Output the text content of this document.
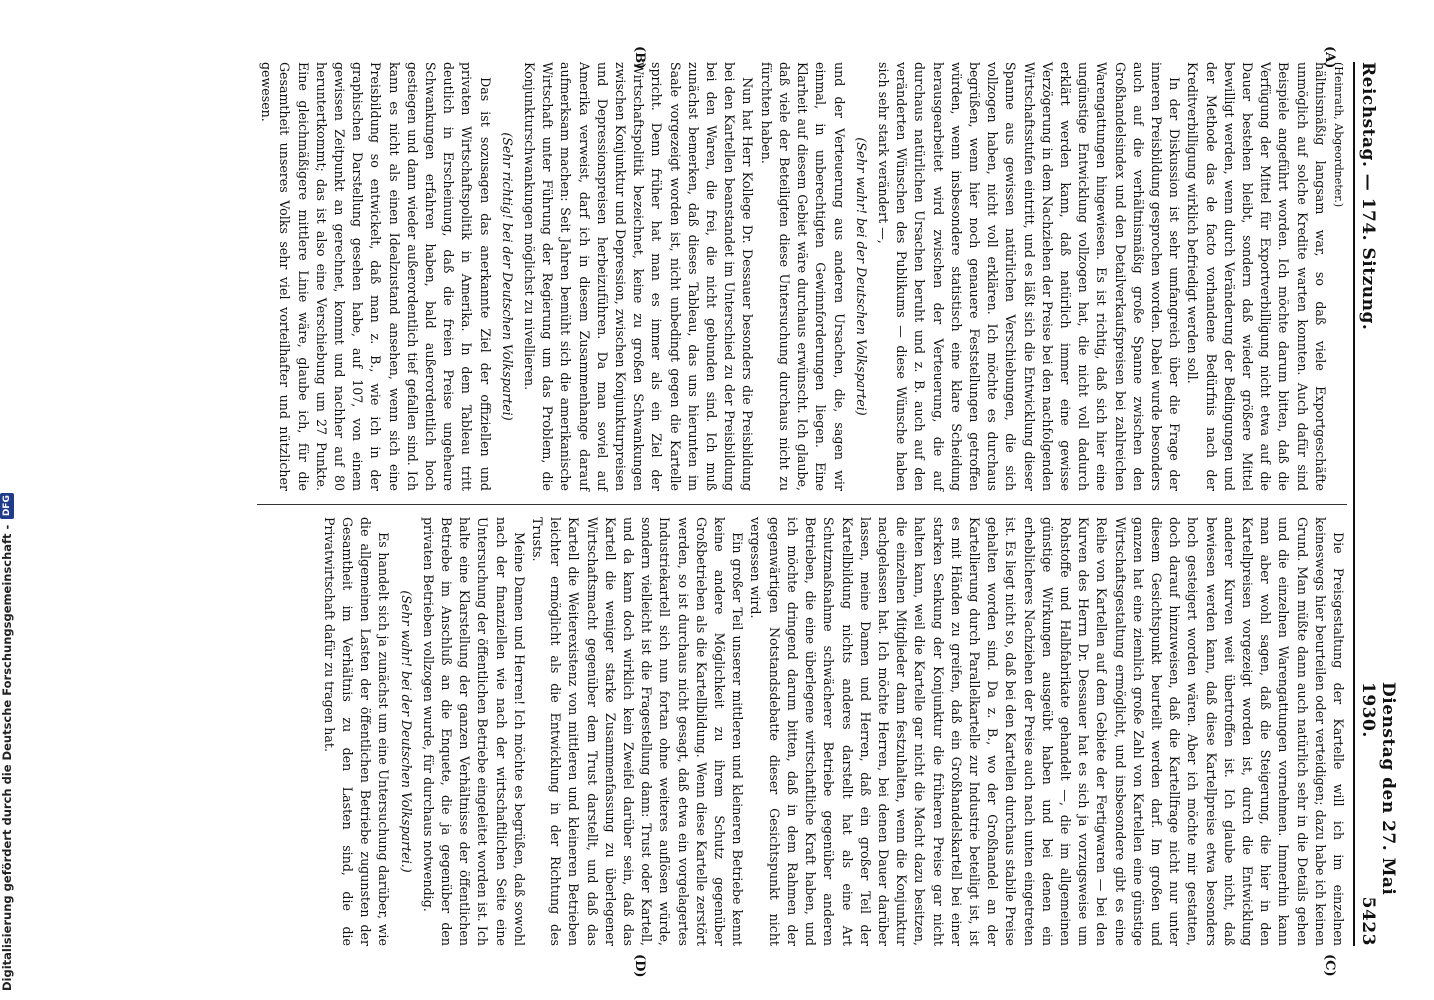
Reichstag. — 174. Sitzung.
Dienstag den 27. Mai 1930.
5423

(Heinrath, Abgeordneter.)

hältnismäßig langsam war, so daß viele Exportgeschäfte unmöglich auf solche Kredite warten konnten. Auch dafür sind Beispiele angeführt worden. Ich möchte darum bitten, daß die Verfügung der Mittel für Exportverbilligung nicht etwa auf die Dauer bestehen bleibt, sondern daß wieder größere Mittel bewilligt werden, wenn durch Veränderung der Bedingungen und der Methode das de facto vorhandene Bedürfnis nach der Kreditverbilligung wirklich befriedigt werden soll.

In der Diskussion ist sehr umfangreich über die Frage der inneren Preisbildung gesprochen worden. Dabei wurde besonders auch auf die verhältnismäßig große Spanne zwischen den Großhandelsindex und den Detailverkaufspreisen bei zahlreichen Warengattungen hingewiesen. Es ist richtig, daß sich hier eine ungünstige Entwicklung vollzogen hat, die nicht voll dadurch erklärt werden kann, daß natürlich immer eine gewisse Verzögerung in dem Nachziehen der Preise bei den nachfolgenden Wirtschaftsstufen eintritt, und es läßt sich die Entwicklung dieser Spanne aus gewissen natürlichen Verschiebungen, die sich vollzogen haben, nicht voll erklären. Ich möchte es durchaus begrüßen, wenn hier noch genauere Feststellungen getroffen würden, wenn insbesondere statistisch eine klare Scheidung herausgearbeitet wird zwischen der Verteuerung, die auf durchaus natürlichen Ursachen beruht und z. B. auch auf den veränderten Wünschen des Publikums — diese Wünsche haben sich sehr stark verändert —,

(Sehr wahr! bei der Deutschen Volkspartei)

und der Verteuerung aus anderen Ursachen, die, sagen wir einmal, in unberechtigten Gewinnforderungen liegen. Eine Klarheit auf diesem Gebiet wäre durchaus erwünscht. Ich glaube, daß viele der Beteiligten diese Untersuchung durchaus nicht zu fürchten haben.

Nun hat Herr Kollege Dr. Dessauer besonders die Preisbildung bei den Kartellen beanstandet im Unterschied zu der Preisbildung bei den Waren, die frei, die nicht gebunden sind. Ich muß zunächst bemerken, daß dieses Tableau, das uns hierunten im Saale vorgezeigt worden ist, nicht unbedingt gegen die Kartelle spricht. Denn früher hat man es immer als ein Ziel der Wirtschaftspolitik bezeichnet, keine zu großen Schwankungen zwischen Konjunktur und Depression, zwischen Konjunkturpreisen und Depressionspreisen herbeizuführen. Da man soviel auf Amerika verweist, darf ich in diesem Zusammenhange darauf aufmerksam machen: Seit Jahren bemüht sich die amerikanische Wirtschaft unter Führung der Regierung um das Problem, die Konjunkturschwankungen möglichst zu nivellieren.

(Sehr richtig! bei der Deutschen Volkspartei)

Das ist sozusagen das anerkannte Ziel der offiziellen und privaten Wirtschaftspolitik in Amerika. In dem Tableau tritt deutlich in Erscheinung, daß die freien Preise ungeheure Schwankungen erfahren haben, bald außerordentlich hoch gestiegen und dann wieder außerordentlich tief gefallen sind. Ich kann es nicht als einen Idealzustand ansehen, wenn sich eine Preisbildung so entwickelt, daß man z. B., wie ich in der graphischen Darstellung gesehen habe, auf 107, von einem gewissen Zeitpunkt an gerechnet, kommt und nachher auf 80 heruntertkommt; das ist also eine Verschiebung um 27 Punkte. Eine gleichmäßigere mittlere Linie wäre, glaube ich, für die Gesamtheit unseres Volks sehr viel vorteilhafter und nützlicher gewesen.

Die Preisgestaltung der Kartelle will ich im einzelnen keineswegs hier beurteilen oder verteidigen; dazu habe ich keinen Grund. Man müßte dann auch natürlich sehr in die Details gehen und die einzelnen Warengattungen vornehmen. Immerhin kann man aber wohl sagen, daß die Steigerung, die hier in den Kartellpreisen vorgezeigt worden ist, durch die Entwicklung anderer Kurven weit übertroffen ist. Ich glaube nicht, daß bewiesen werden kann, daß diese Kartellpreise etwa besonders hoch gesteigert worden wären. Aber ich möchte mir gestatten, doch darauf hinzuweisen, daß die Kartellfrage nicht nur unter diesem Gesichtspunkt beurteilt werden darf. Im großen und ganzen hat eine ziemlich große Zahl von Kartellen eine günstige Wirtschaftsgestaltung ermöglicht, und insbesondere gibt es eine Reihe von Kartellen auf dem Gebiete der Fertigwaren — bei den Kurven des Herrn Dr. Dessauer hat es sich ja vorzugsweise um Rohstoffe und Halbfabrikate gehandelt —, die im allgemeinen günstige Wirkungen ausgeübt haben und bei denen ein erheblicheres Nachziehen der Preise auch nach unten eingetreten ist. Es liegt nicht so, daß bei den Kartellen durchaus stabile Preise gehalten worden sind. Da z. B., wo der Großhandel an der Kartellierung durch Parallelkartelle zur Industrie beteiligt ist, ist es mit Händen zu greifen, daß ein Großhandelskartell bei einer starken Senkung der Konjunktur die früheren Preise gar nicht halten kann, weil die Kartelle gar nicht die Macht dazu besitzen, die einzelnen Mitglieder dann festzuhalten, wenn die Konjunktur nachgelassen hat. Ich möchte Herren, bei denen Dauer darüber lassen, meine Damen und Herren, daß ein großer Teil der Kartellbildung nichts anderes darstellt hat als eine Art Schutzmaßnahme schwächerer Betriebe gegenüber anderen Betrieben, die eine überlegene wirtschaftliche Kraft haben, und ich möchte dringend darum bitten, daß in dem Rahmen der gegenwärtigen Notstandsdebatte dieser Gesichtspunkt nicht vergessen wird.

Ein großer Teil unserer mittleren und kleineren Betriebe kennt keine andere Möglichkeit zu ihrem Schutz gegenüber Großbetrieben als die Kartellbildung. Wenn diese Kartelle zerstört werden, so ist durchaus nicht gesagt, daß etwa ein vorgelagertes Industriekartell sich nun fortan ohne weiteres auflösen würde, sondern vielleicht ist die Fragestellung dann: Trust oder Kartell, und da kann doch wirklich kein Zweifel darüber sein, daß das Kartell die weniger starke Zusammenfassung zu überlegener Wirtschaftsmacht gegenüber dem Trust darstellt, und daß das Kartell die Weiterexistenz von mittleren und kleineren Betrieben leichter ermöglicht als die Entwicklung in der Richtung des Trusts.

Meine Damen und Herren! Ich möchte es begrüßen, daß sowohl nach der finanziellen wie nach der wirtschaftlichen Seite eine Untersuchung der öffentlichen Betriebe eingeleitet worden ist. Ich halte eine Klarstellung der ganzen Verhältnisse der öffentlichen Betriebe im Anschluß an die Enquete, die ja gegenüber den privaten Betrieben vollzogen wurde, für durchaus notwendig.

(Sehr wahr! bei der Deutschen Volkspartei.)

Es handelt sich ja zunächst um eine Untersuchung darüber, wie die allgemeinen Lasten der öffentlichen Betriebe zugunsten der Gesamtheit im Verhältnis zu den Lasten sind, die die Privatwirtschaft dafür zu tragen hat.

(A)
(B)
(C)
(D)
Digitalisierung gefördert durch die Deutsche Forschungsgemeinschaft -
DFG
